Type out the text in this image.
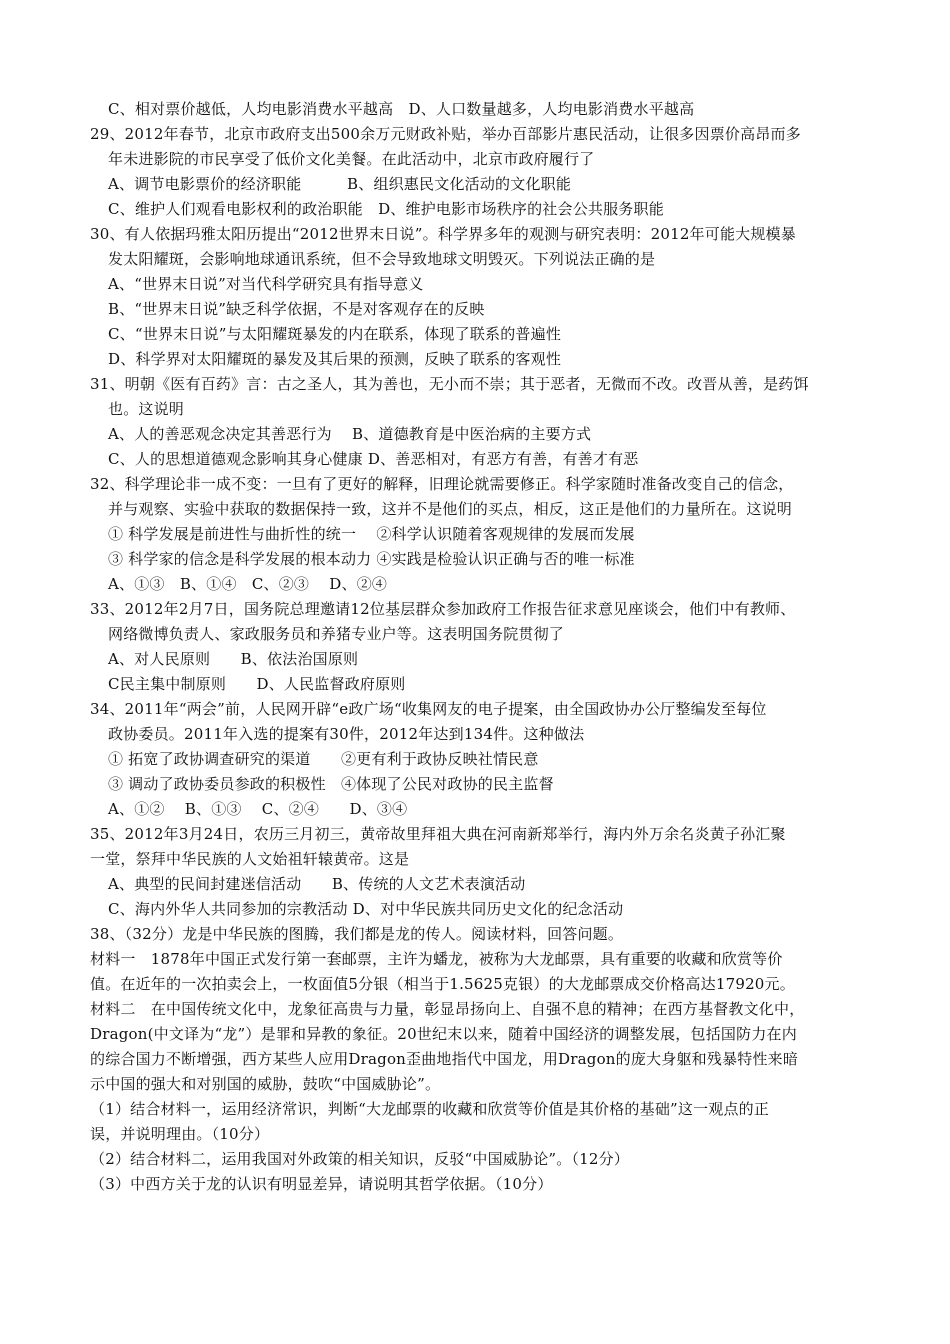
C、相对票价越低，人均电影消费水平越高　D、人口数量越多，人均电影消费水平越高
29、2012年春节，北京市政府支出500余万元财政补贴，举办百部影片惠民活动，让很多因票价高昂而多
年未进影院的市民享受了低价文化美餐。在此活动中，北京市政府履行了
A、调节电影票价的经济职能　　　B、组织惠民文化活动的文化职能
C、维护人们观看电影权利的政治职能　D、维护电影市场秩序的社会公共服务职能
30、有人依据玛雅太阳历提出“2012世界末日说”。科学界多年的观测与研究表明：2012年可能大规模暴
发太阳耀斑，会影响地球通讯系统，但不会导致地球文明毁灭。下列说法正确的是
A、“世界末日说”对当代科学研究具有指导意义
B、“世界末日说”缺乏科学依据，不是对客观存在的反映
C、“世界末日说”与太阳耀斑暴发的内在联系，体现了联系的普遍性
D、科学界对太阳耀斑的暴发及其后果的预测，反映了联系的客观性
31、明朝《医有百药》言：古之圣人，其为善也，无小而不崇；其于恶者，无微而不改。改晋从善，是药饵
也。这说明
A、人的善恶观念决定其善恶行为　 B、道德教育是中医治病的主要方式
C、人的思想道德观念影响其身心健康 D、善恶相对，有恶方有善，有善才有恶
32、科学理论非一成不变：一旦有了更好的解释，旧理论就需要修正。科学家随时准备改变自己的信念，
并与观察、实验中获取的数据保持一致，这并不是他们的买点，相反，这正是他们的力量所在。这说明
① 科学发展是前进性与曲折性的统一　 ②科学认识随着客观规律的发展而发展
③ 科学家的信念是科学发展的根本动力 ④实践是检验认识正确与否的唯一标准
A、①③　B、①④　C、②③　 D、②④
33、2012年2月7日，国务院总理邀请12位基层群众参加政府工作报告征求意见座谈会，他们中有教师、
网络微博负责人、家政服务员和养猪专业户等。这表明国务院贯彻了
A、对人民原则　　B、依法治国原则
C民主集中制原则　　D、人民监督政府原则
34、2011年“两会”前，人民网开辟“e政广场“收集网友的电子提案，由全国政协办公厅整编发至每位
政协委员。2011年入选的提案有30件，2012年达到134件。这种做法
① 拓宽了政协调查研究的渠道　　②更有利于政协反映社情民意
③ 调动了政协委员参政的积极性　④体现了公民对政协的民主监督
A、①②　 B、①③　 C、②④　　D、③④
35、2012年3月24日，农历三月初三，黄帝故里拜祖大典在河南新郑举行，海内外万余名炎黄子孙汇聚
一堂，祭拜中华民族的人文始祖轩辕黄帝。这是
A、典型的民间封建迷信活动　　B、传统的人文艺术表演活动
C、海内外华人共同参加的宗教活动 D、对中华民族共同历史文化的纪念活动
38、（32分）龙是中华民族的图腾，我们都是龙的传人。阅读材料，回答问题。
材料一　1878年中国正式发行第一套邮票，主许为蟠龙，被称为大龙邮票，具有重要的收藏和欣赏等价
值。在近年的一次拍卖会上，一枚面值5分银（相当于1.5625克银）的大龙邮票成交价格高达17920元。
材料二　在中国传统文化中，龙象征高贵与力量，彰显昂扬向上、自强不息的精神；在西方基督教文化中，
Dragon(中文译为“龙”）是罪和异教的象征。20世纪末以来，随着中国经济的调整发展，包括国防力在内
的综合国力不断增强，西方某些人应用Dragon歪曲地指代中国龙，用Dragon的庞大身躯和残暴特性来暗
示中国的强大和对别国的威胁，鼓吹“中国威胁论”。
（1）结合材料一，运用经济常识，判断“大龙邮票的收藏和欣赏等价值是其价格的基础”这一观点的正
误，并说明理由。（10分）
（2）结合材料二，运用我国对外政策的相关知识，反驳“中国威胁论”。（12分）
（3）中西方关于龙的认识有明显差异，请说明其哲学依据。（10分）
